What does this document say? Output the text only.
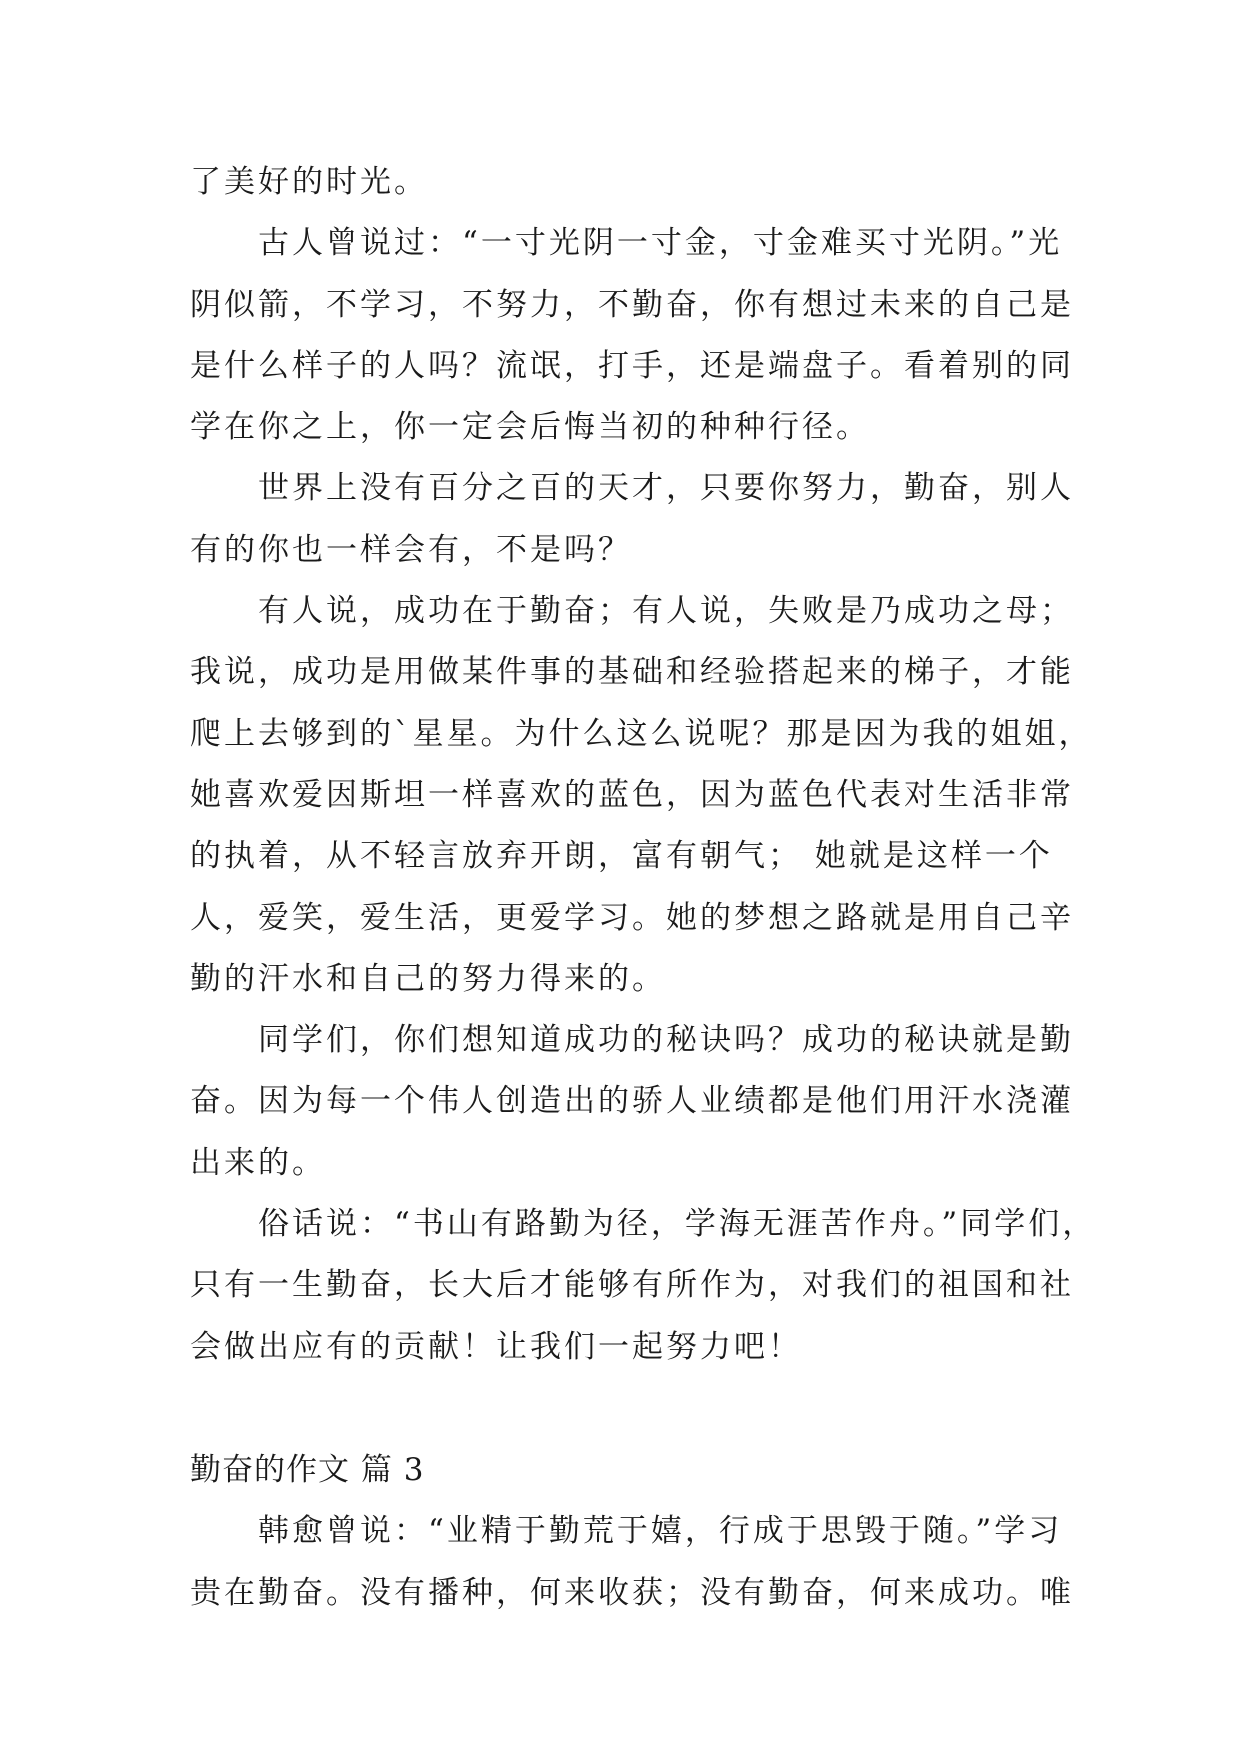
了美好的时光。
古人曾说过：“一寸光阴一寸金，寸金难买寸光阴。”光
阴似箭，不学习，不努力，不勤奋，你有想过未来的自己是
是什么样子的人吗？流氓，打手，还是端盘子。看着别的同
学在你之上，你一定会后悔当初的种种行径。
世界上没有百分之百的天才，只要你努力，勤奋，别人
有的你也一样会有，不是吗？
有人说，成功在于勤奋；有人说，失败是乃成功之母；
我说，成功是用做某件事的基础和经验搭起来的梯子，才能
爬上去够到的`星星。为什么这么说呢？那是因为我的姐姐，
她喜欢爱因斯坦一样喜欢的蓝色，因为蓝色代表对生活非常
的执着，从不轻言放弃开朗，富有朝气； 她就是这样一个
人，爱笑，爱生活，更爱学习。她的梦想之路就是用自己辛
勤的汗水和自己的努力得来的。
同学们，你们想知道成功的秘诀吗？成功的秘诀就是勤
奋。因为每一个伟人创造出的骄人业绩都是他们用汗水浇灌
出来的。
俗话说：“书山有路勤为径，学海无涯苦作舟。”同学们，
只有一生勤奋，长大后才能够有所作为，对我们的祖国和社
会做出应有的贡献！让我们一起努力吧！
勤奋的作文 篇 3
韩愈曾说：“业精于勤荒于嬉，行成于思毁于随。”学习
贵在勤奋。没有播种，何来收获；没有勤奋，何来成功。唯
